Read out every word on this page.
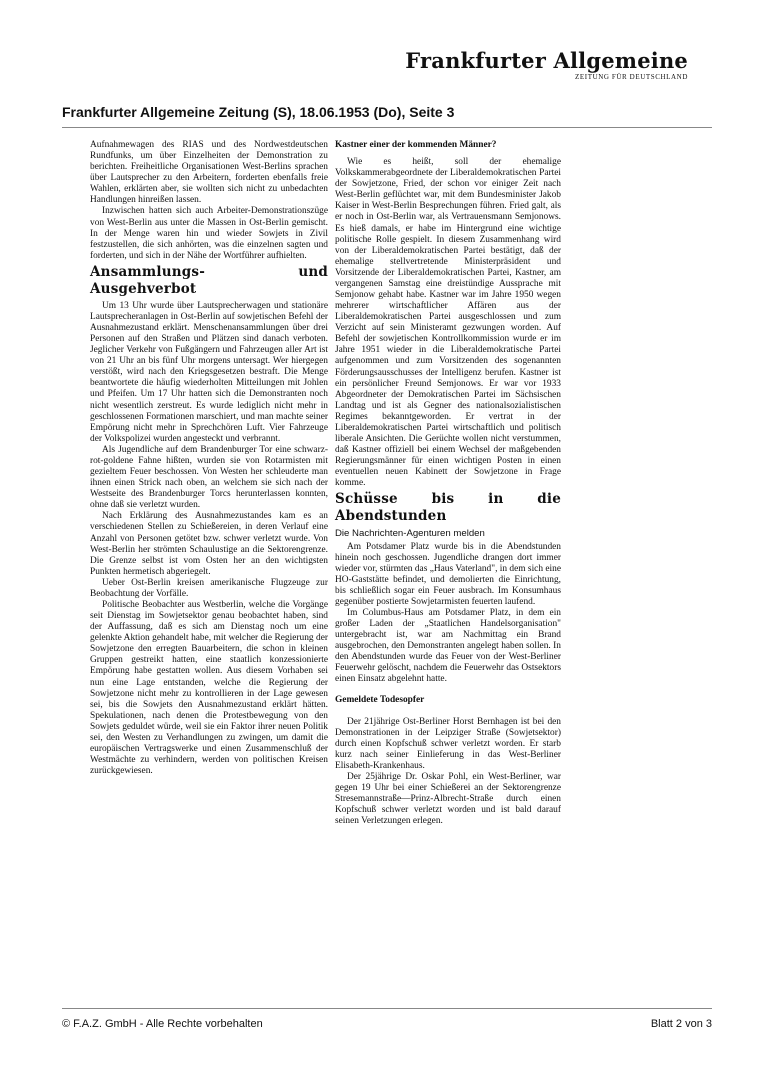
Frankfurter Allgemeine
ZEITUNG FÜR DEUTSCHLAND
Frankfurter Allgemeine Zeitung (S), 18.06.1953 (Do), Seite 3

Aufnahmewagen des RIAS und des Nordwestdeutschen Rundfunks, um über Einzelheiten der Demonstration zu berichten. Freiheitliche Organisationen West-Berlins sprachen über Lautsprecher zu den Arbeitern, forderten ebenfalls freie Wahlen, erklärten aber, sie wollten sich nicht zu unbedachten Handlungen hinreißen lassen.

Inzwischen hatten sich auch Arbeiter-Demonstrationszüge von West-Berlin aus unter die Massen in Ost-Berlin gemischt. In der Menge waren hin und wieder Sowjets in Zivil festzustellen, die sich anhörten, was die einzelnen sagten und forderten, und sich in der Nähe der Wortführer aufhielten.

Ansammlungs- und Ausgehverbot

Um 13 Uhr wurde über Lautsprecherwagen und stationäre Lautsprecheranlagen in Ost-Berlin auf sowjetischen Befehl der Ausnahmezustand erklärt. Menschenansammlungen über drei Personen auf den Straßen und Plätzen sind danach verboten. Jeglicher Verkehr von Fußgängern und Fahrzeugen aller Art ist von 21 Uhr an bis fünf Uhr morgens untersagt. Wer hiergegen verstößt, wird nach den Kriegsgesetzen bestraft. Die Menge beantwortete die häufig wiederholten Mitteilungen mit Johlen und Pfeifen. Um 17 Uhr hatten sich die Demonstranten noch nicht wesentlich zerstreut. Es wurde lediglich nicht mehr in geschlossenen Formationen marschiert, und man machte seiner Empörung nicht mehr in Sprechchören Luft. Vier Fahrzeuge der Volkspolizei wurden angesteckt und verbrannt.

Als Jugendliche auf dem Brandenburger Tor eine schwarz-rot-goldene Fahne hißten, wurden sie von Rotarmisten mit gezieltem Feuer beschossen. Von Westen her schleuderte man ihnen einen Strick nach oben, an welchem sie sich nach der Westseite des Brandenburger Torcs herunterlassen konnten, ohne daß sie verletzt wurden.

Nach Erklärung des Ausnahmezustandes kam es an verschiedenen Stellen zu Schießereien, in deren Verlauf eine Anzahl von Personen getötet bzw. schwer verletzt wurde. Von West-Berlin her strömten Schaulustige an die Sektorengrenze. Die Grenze selbst ist vom Osten her an den wichtigsten Punkten hermetisch abgeriegelt.

Ueber Ost-Berlin kreisen amerikanische Flugzeuge zur Beobachtung der Vorfälle.

Politische Beobachter aus Westberlin, welche die Vorgänge seit Dienstag im Sowjetsektor genau beobachtet haben, sind der Auffassung, daß es sich am Dienstag noch um eine gelenkte Aktion gehandelt habe, mit welcher die Regierung der Sowjetzone den erregten Bauarbeitern, die schon in kleinen Gruppen gestreikt hatten, eine staatlich konzessionierte Empörung habe gestatten wollen. Aus diesem Vorhaben sei nun eine Lage entstanden, welche die Regierung der Sowjetzone nicht mehr zu kontrollieren in der Lage gewesen sei, bis die Sowjets den Ausnahmezustand erklärt hätten. Spekulationen, nach denen die Protestbewegung von den Sowjets geduldet würde, weil sie ein Faktor ihrer neuen Politik sei, den Westen zu Verhandlungen zu zwingen, um damit die europäischen Vertragswerke und einen Zusammenschluß der Westmächte zu verhindern, werden von politischen Kreisen zurückgewiesen.

Kastner einer der kommenden Männer?

Wie es heißt, soll der ehemalige Volkskammerabgeordnete der Liberaldemokratischen Partei der Sowjetzone, Fried, der schon vor einiger Zeit nach West-Berlin geflüchtet war, mit dem Bundesminister Jakob Kaiser in West-Berlin Besprechungen führen. Fried galt, als er noch in Ost-Berlin war, als Vertrauensmann Semjonows. Es hieß damals, er habe im Hintergrund eine wichtige politische Rolle gespielt. In diesem Zusammenhang wird von der Liberaldemokratischen Partei bestätigt, daß der ehemalige stellvertretende Ministerpräsident und Vorsitzende der Liberaldemokratischen Partei, Kastner, am vergangenen Samstag eine dreistündige Aussprache mit Semjonow gehabt habe. Kastner war im Jahre 1950 wegen mehrerer wirtschaftlicher Affären aus der Liberaldemokratischen Partei ausgeschlossen und zum Verzicht auf sein Ministeramt gezwungen worden. Auf Befehl der sowjetischen Kontrollkommission wurde er im Jahre 1951 wieder in die Liberaldemokratische Partei aufgenommen und zum Vorsitzenden des sogenannten Förderungsausschusses der Intelligenz berufen. Kastner ist ein persönlicher Freund Semjonows. Er war vor 1933 Abgeordneter der Demokratischen Partei im Sächsischen Landtag und ist als Gegner des nationalsozialistischen Regimes bekanntgeworden. Er vertrat in der Liberaldemokratischen Partei wirtschaftlich und politisch liberale Ansichten. Die Gerüchte wollen nicht verstummen, daß Kastner offiziell bei einem Wechsel der maßgebenden Regierungsmänner für einen wichtigen Posten in einen eventuellen neuen Kabinett der Sowjetzone in Frage komme.

Schüsse bis in die Abendstunden
Die Nachrichten-Agenturen melden

Am Potsdamer Platz wurde bis in die Abendstunden hinein noch geschossen. Jugendliche drangen dort immer wieder vor, stürmten das „Haus Vaterland", in dem sich eine HO-Gaststätte befindet, und demolierten die Einrichtung, bis schließlich sogar ein Feuer ausbrach. Im Konsumhaus gegenüber postierte Sowjetarmisten feuerten laufend.

Im Columbus-Haus am Potsdamer Platz, in dem ein großer Laden der „Staatlichen Handelsorganisation" untergebracht ist, war am Nachmittag ein Brand ausgebrochen, den Demonstranten angelegt haben sollen. In den Abendstunden wurde das Feuer von der West-Berliner Feuerwehr gelöscht, nachdem die Feuerwehr das Ostsektors einen Einsatz abgelehnt hatte.

Gemeldete Todesopfer

Der 21jährige Ost-Berliner Horst Bernhagen ist bei den Demonstrationen in der Leipziger Straße (Sowjetsektor) durch einen Kopfschuß schwer verletzt worden. Er starb kurz nach seiner Einlieferung in das West-Berliner Elisabeth-Krankenhaus.

Der 25jährige Dr. Oskar Pohl, ein West-Berliner, war gegen 19 Uhr bei einer Schießerei an der Sektorengrenze Stresemannstraße—Prinz-Albrecht-Straße durch einen Kopfschuß schwer verletzt worden und ist bald darauf seinen Verletzungen erlegen.

© F.A.Z. GmbH - Alle Rechte vorbehalten	Blatt 2 von 3
